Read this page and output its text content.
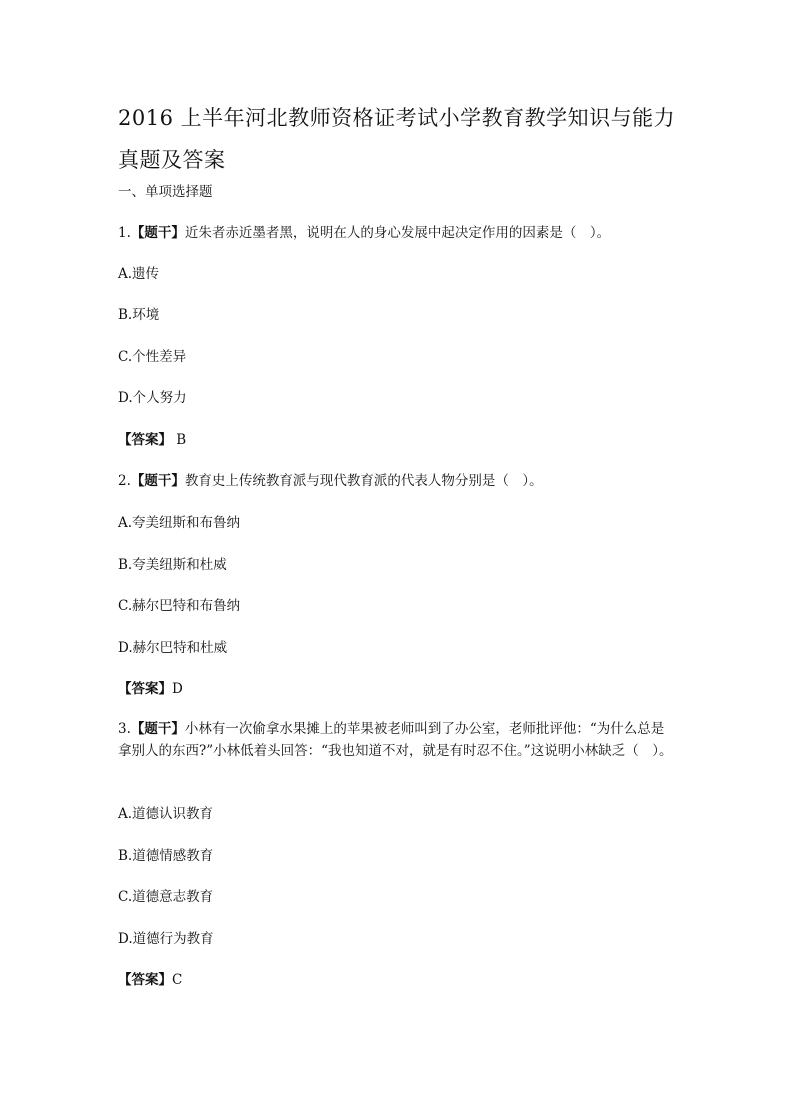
2016 上半年河北教师资格证考试小学教育教学知识与能力
真题及答案
一、单项选择题
1.【题干】近朱者赤近墨者黑，说明在人的身心发展中起决定作用的因素是（　）。
A.遗传
B.环境
C.个性差异
D.个人努力
【答案】 B
2.【题干】教育史上传统教育派与现代教育派的代表人物分别是（　）。
A.夸美纽斯和布鲁纳
B.夸美纽斯和杜威
C.赫尔巴特和布鲁纳
D.赫尔巴特和杜威
【答案】D
3.【题干】小林有一次偷拿水果摊上的苹果被老师叫到了办公室，老师批评他：“为什么总是拿别人的东西?”小林低着头回答：“我也知道不对，就是有时忍不住。”这说明小林缺乏（　）。
A.道德认识教育
B.道德情感教育
C.道德意志教育
D.道德行为教育
【答案】C
